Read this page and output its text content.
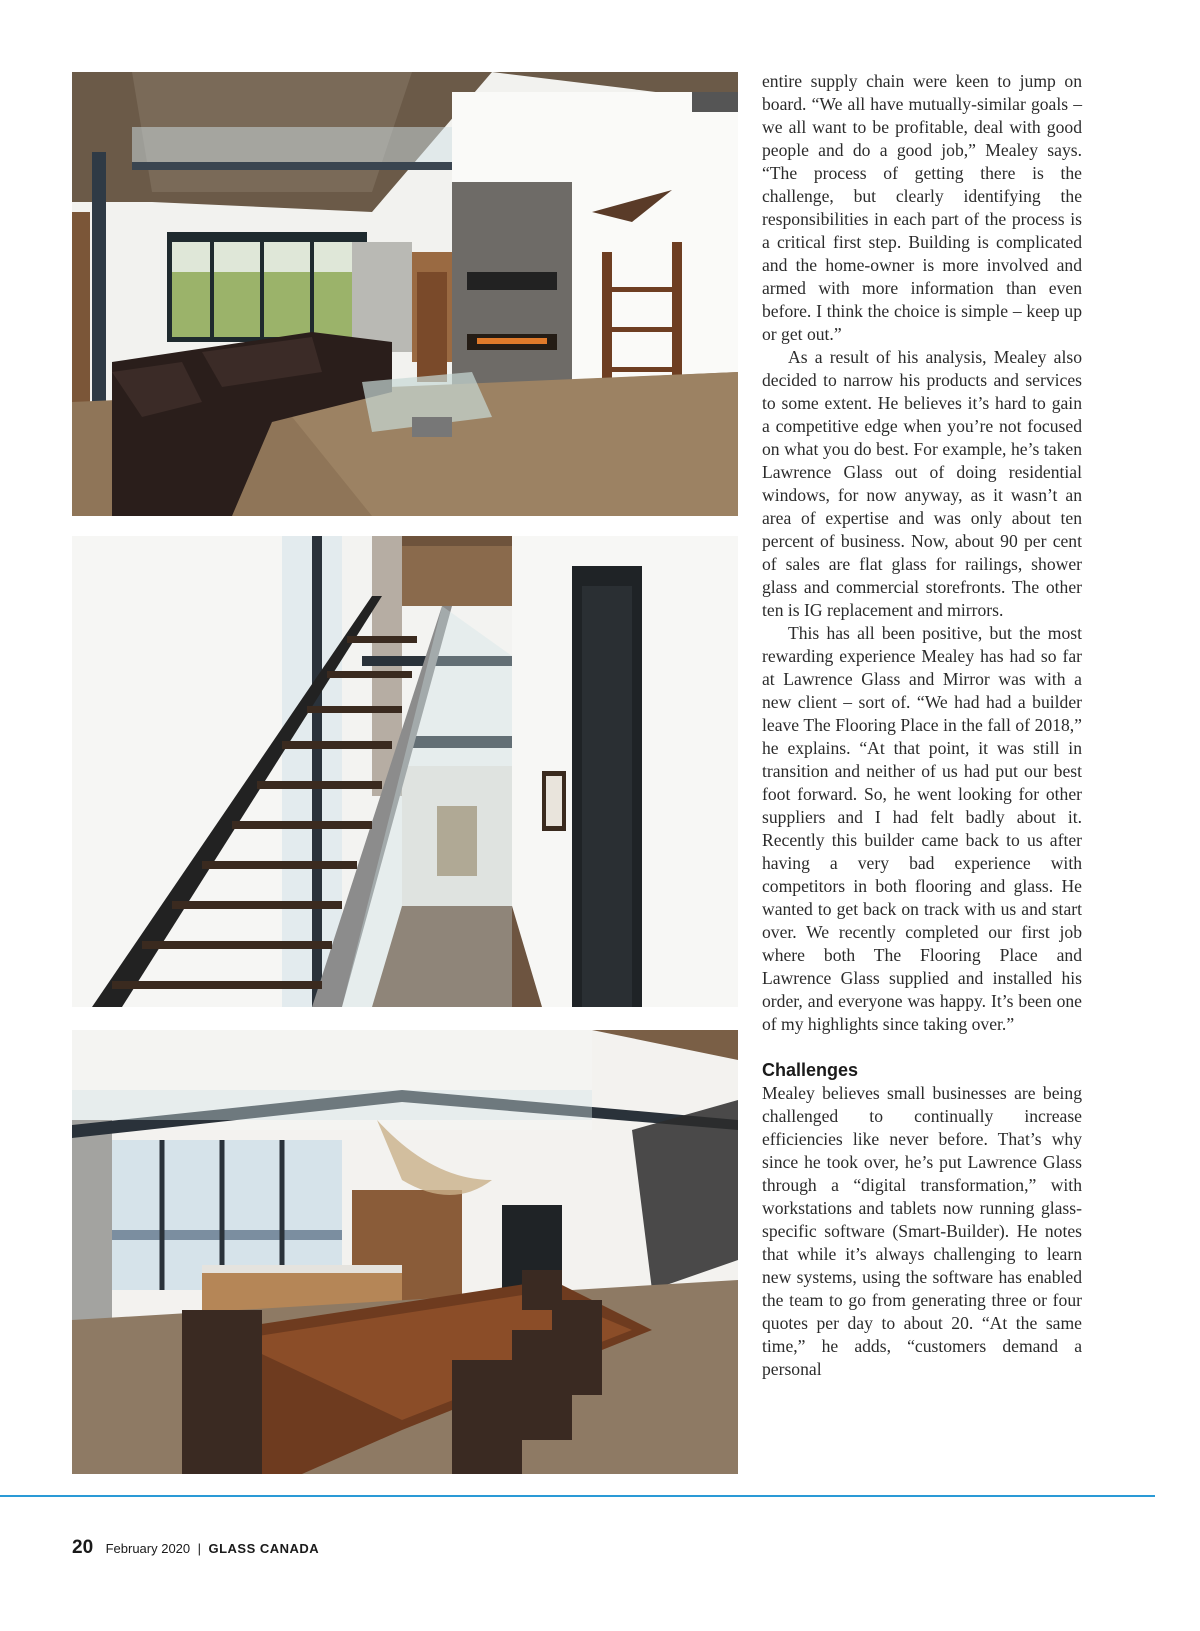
entire supply chain were keen to jump on board. “We all have mutually-similar goals – we all want to be profitable, deal with good people and do a good job,” Mealey says. “The process of getting there is the challenge, but clearly identifying the responsibilities in each part of the process is a critical first step. Building is complicated and the home-owner is more involved and armed with more information than even before. I think the choice is simple – keep up or get out.”

As a result of his analysis, Mealey also decided to narrow his products and services to some extent. He believes it’s hard to gain a competitive edge when you’re not focused on what you do best. For example, he’s taken Lawrence Glass out of doing residential windows, for now anyway, as it wasn’t an area of expertise and was only about ten percent of business. Now, about 90 per cent of sales are flat glass for railings, shower glass and commercial storefronts. The other ten is IG replacement and mirrors.

This has all been positive, but the most rewarding experience Mealey has had so far at Lawrence Glass and Mirror was with a new client – sort of. “We had had a builder leave The Flooring Place in the fall of 2018,” he explains. “At that point, it was still in transition and neither of us had put our best foot forward. So, he went looking for other suppliers and I had felt badly about it. Recently this builder came back to us after having a very bad experience with competitors in both flooring and glass. He wanted to get back on track with us and start over. We recently completed our first job where both The Flooring Place and Lawrence Glass supplied and installed his order, and everyone was happy. It’s been one of my highlights since taking over.”

Challenges

Mealey believes small businesses are being challenged to continually increase efficiencies like never before. That’s why since he took over, he’s put Lawrence Glass through a “digital transformation,” with workstations and tablets now running glass-specific software (Smart-Builder). He notes that while it’s always challenging to learn new systems, using the software has enabled the team to go from generating three or four quotes per day to about 20. “At the same time,” he adds, “customers demand a personal

20 February 2020 | GLASS CANADA
